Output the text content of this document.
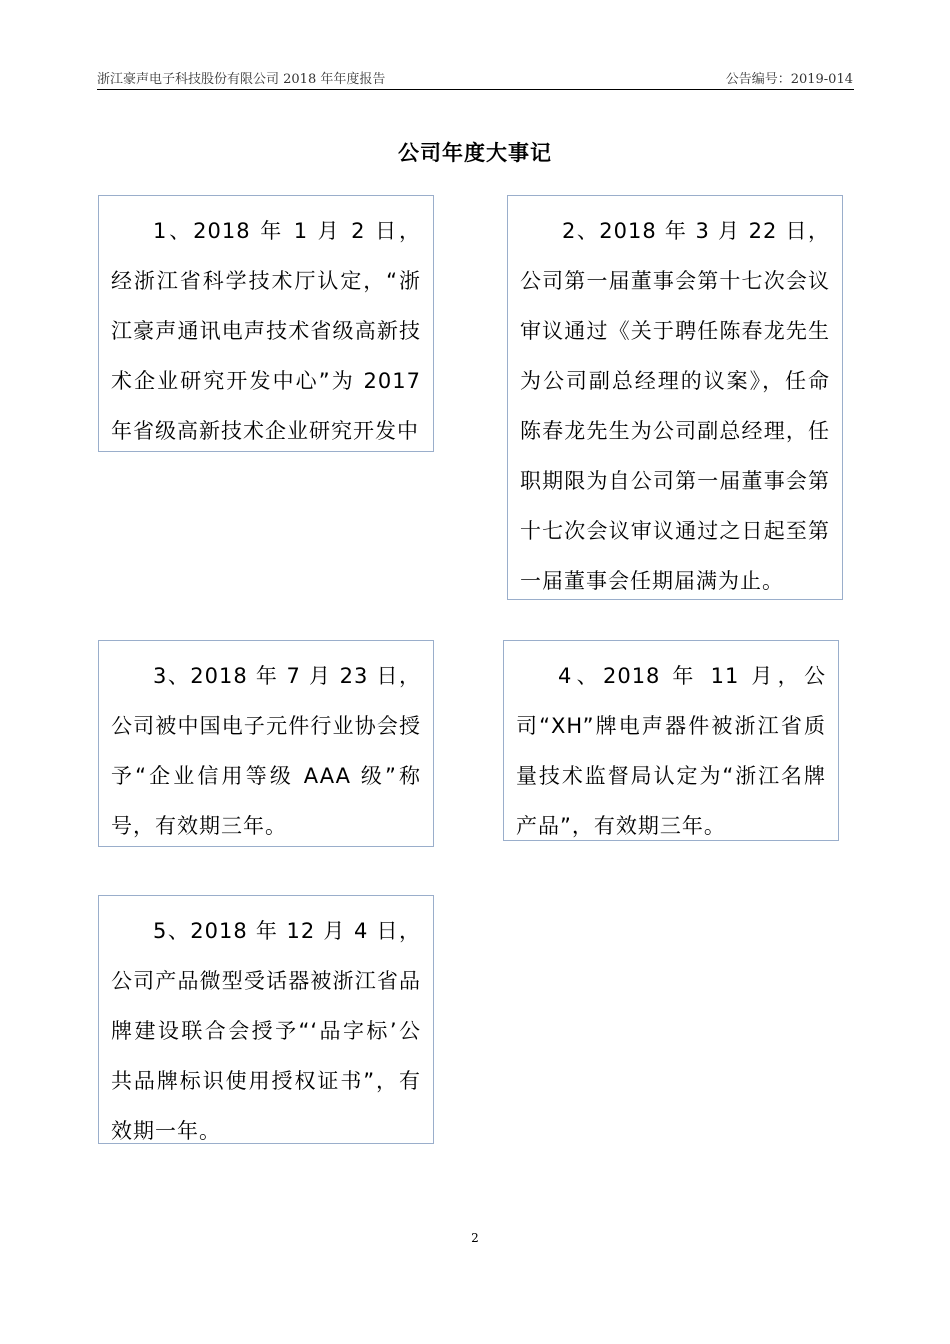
浙江豪声电子科技股份有限公司 2018 年年度报告	公告编号：2019-014
公司年度大事记

1、2018 年 1 月 2 日，经浙江省科学技术厅认定，“浙江豪声通讯电声技术省级高新技术企业研究开发中心”为 2017 年省级高新技术企业研究开发中

2、2018 年 3 月 22 日，公司第一届董事会第十七次会议审议通过《关于聘任陈春龙先生为公司副总经理的议案》，任命陈春龙先生为公司副总经理，任职期限为自公司第一届董事会第十七次会议审议通过之日起至第一届董事会任期届满为止。

3、2018 年 7 月 23 日，公司被中国电子元件行业协会授予“企业信用等级 AAA 级”称号，有效期三年。

4、2018 年 11 月，公司“XH”牌电声器件被浙江省质量技术监督局认定为“浙江名牌产品”，有效期三年。

5、2018 年 12 月 4 日，公司产品微型受话器被浙江省品牌建设联合会授予“‘品字标’公共品牌标识使用授权证书”，有效期一年。

2
